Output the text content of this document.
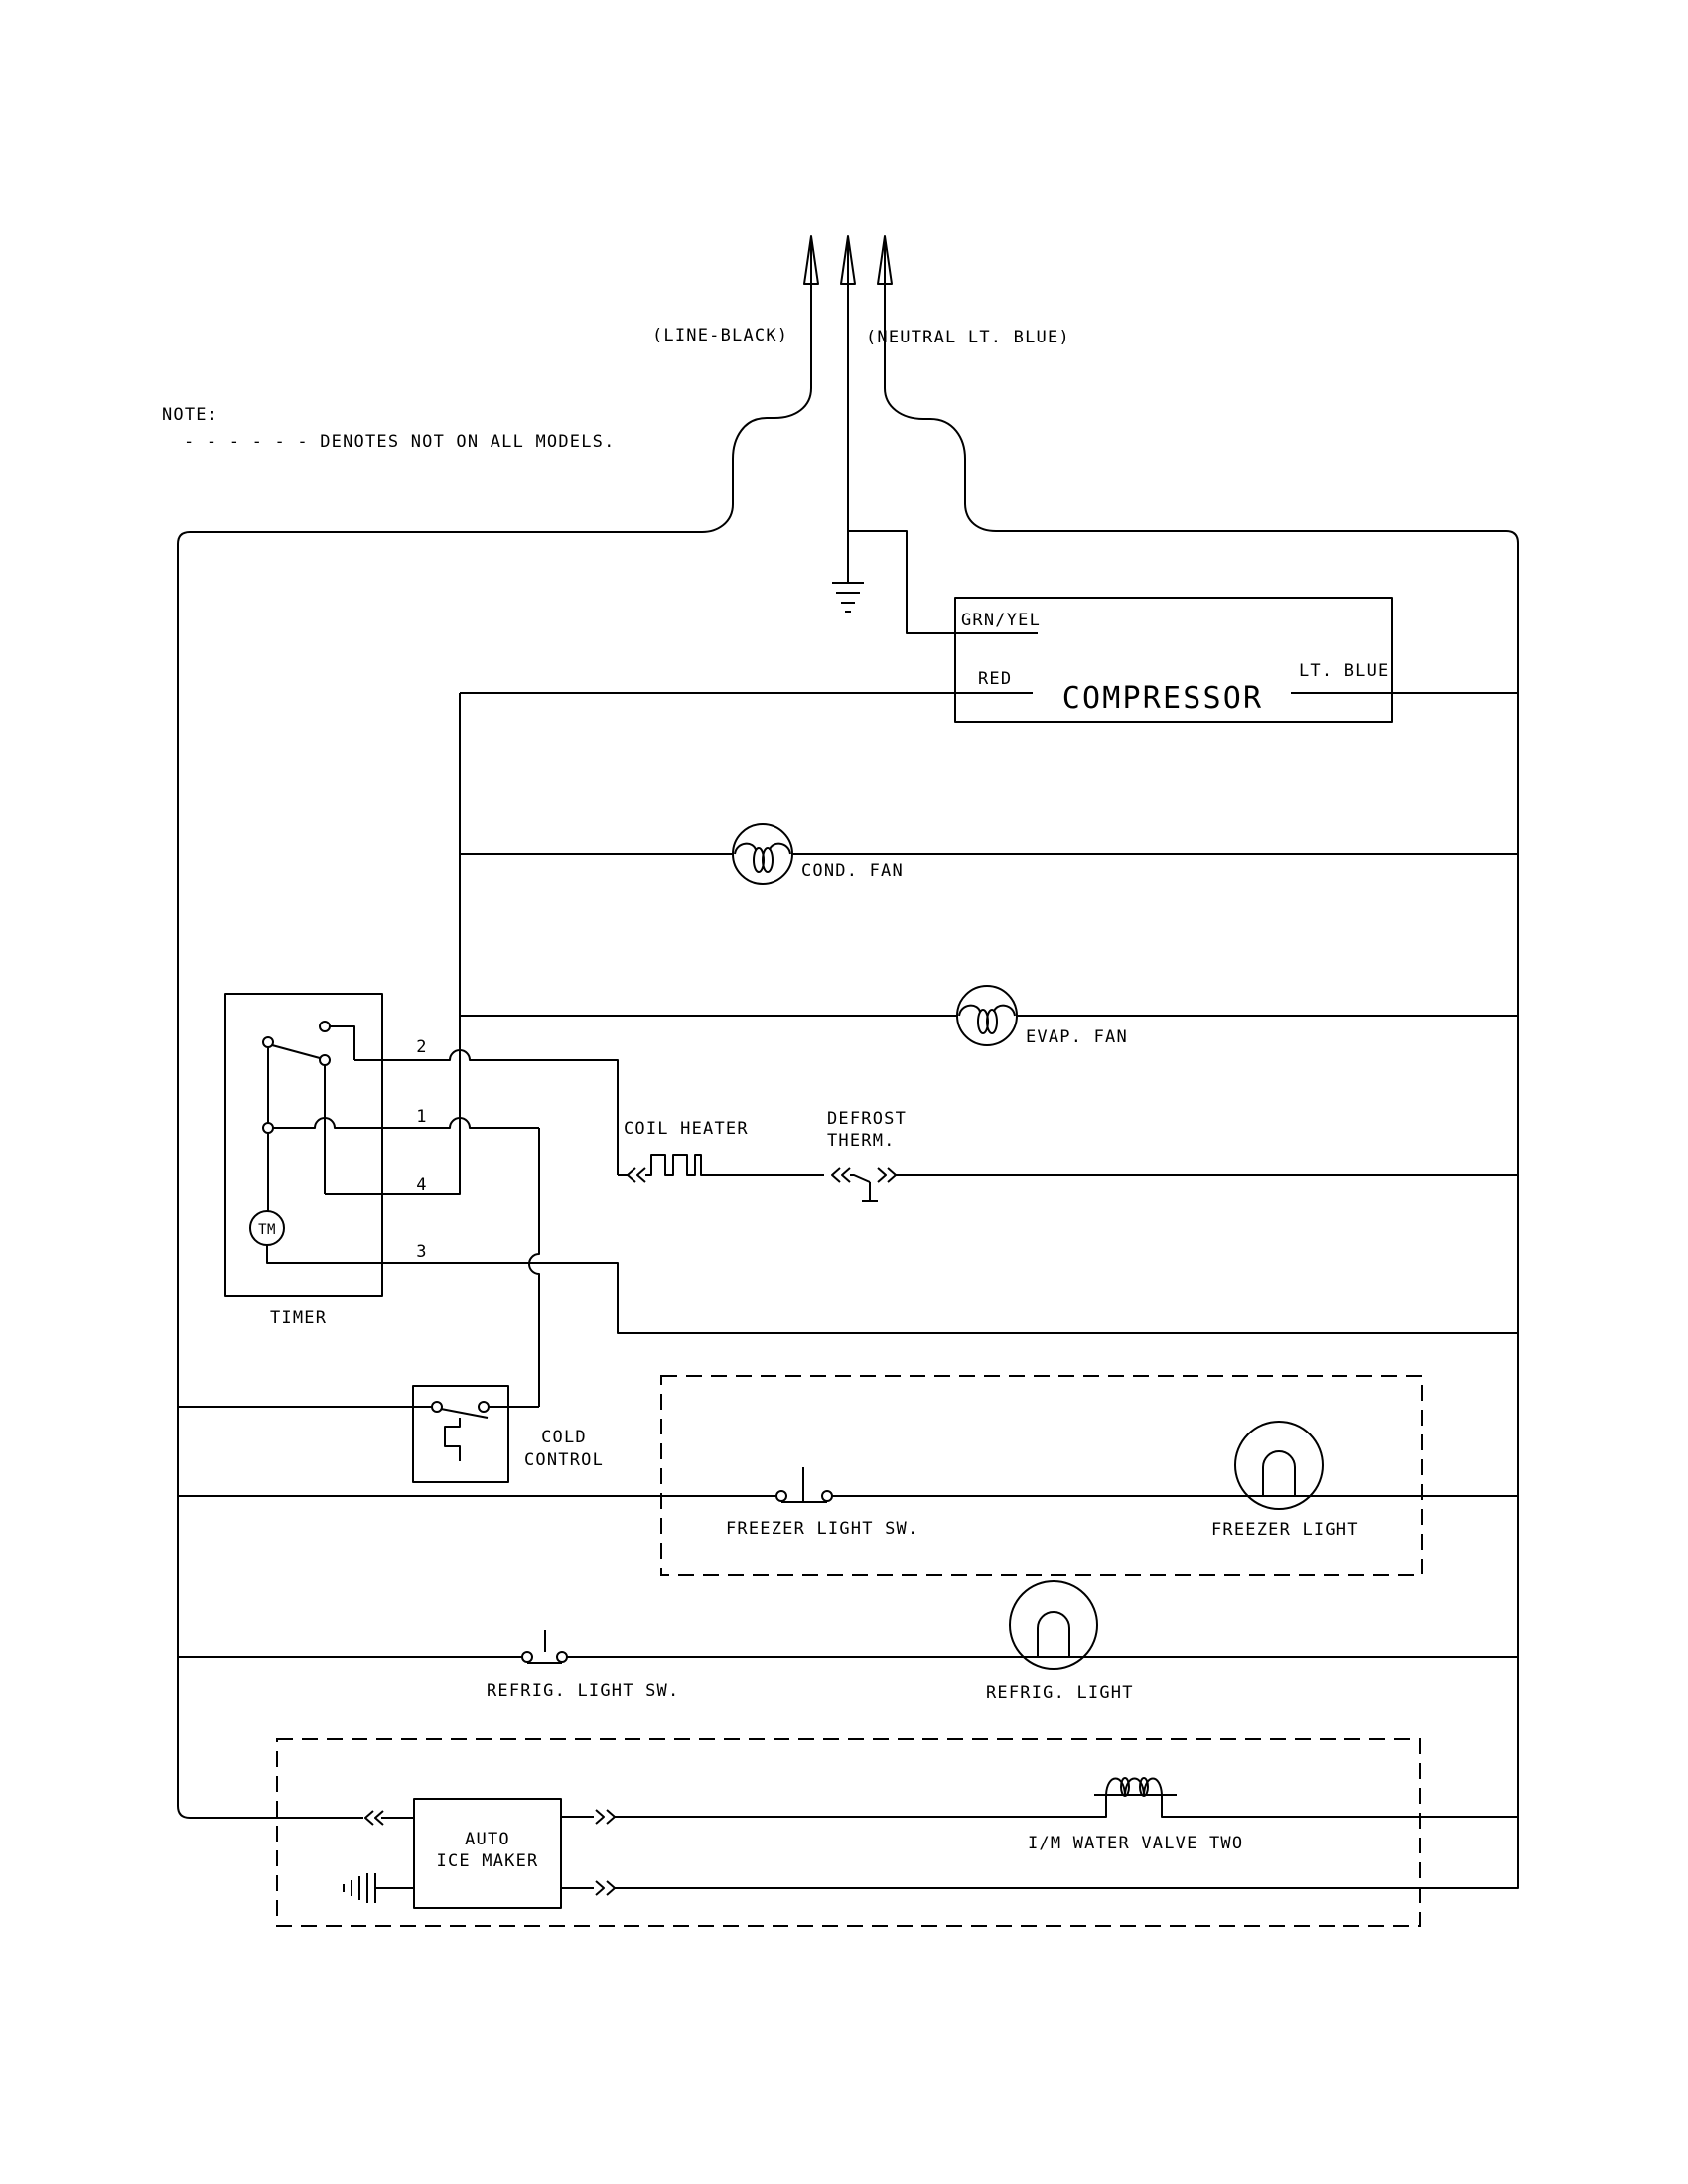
NOTE:
- - - - - - DENOTES NOT ON ALL MODELS.
(LINE-BLACK)	(NEUTRAL LT. BLUE)
GRN/YEL
RED	LT. BLUE
COMPRESSOR
COND. FAN
EVAP. FAN
TM
2
1
4
3
TIMER
COIL HEATER	DEFROST
THERM.
COLD
CONTROL
FREEZER LIGHT SW.	FREEZER LIGHT
REFRIG. LIGHT SW.	REFRIG. LIGHT
AUTO
ICE MAKER
I/M WATER VALVE TWO
